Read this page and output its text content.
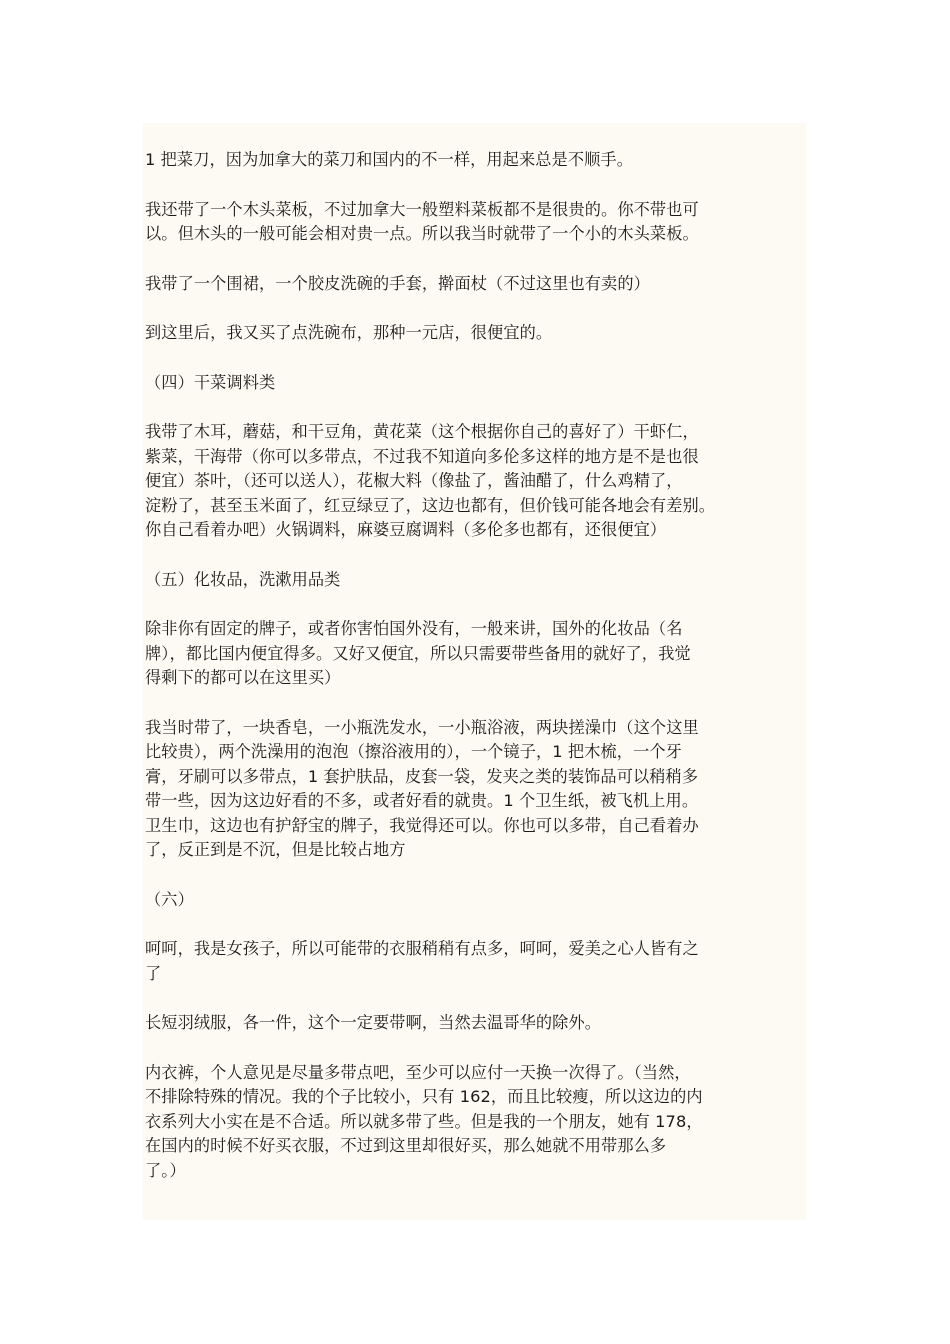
1 把菜刀，因为加拿大的菜刀和国内的不一样，用起来总是不顺手。
我还带了一个木头菜板，不过加拿大一般塑料菜板都不是很贵的。你不带也可
以。但木头的一般可能会相对贵一点。所以我当时就带了一个小的木头菜板。
我带了一个围裙，一个胶皮洗碗的手套，擀面杖（不过这里也有卖的）
到这里后，我又买了点洗碗布，那种一元店，很便宜的。
（四）干菜调料类
我带了木耳，蘑菇，和干豆角，黄花菜（这个根据你自己的喜好了）干虾仁，
紫菜，干海带（你可以多带点，不过我不知道向多伦多这样的地方是不是也很
便宜）茶叶，（还可以送人），花椒大料（像盐了，酱油醋了，什么鸡精了，
淀粉了，甚至玉米面了，红豆绿豆了，这边也都有，但价钱可能各地会有差别。
你自己看着办吧）火锅调料，麻婆豆腐调料（多伦多也都有，还很便宜）
（五）化妆品，洗漱用品类
除非你有固定的牌子，或者你害怕国外没有，一般来讲，国外的化妆品（名
牌），都比国内便宜得多。又好又便宜，所以只需要带些备用的就好了，我觉
得剩下的都可以在这里买）
我当时带了，一块香皂，一小瓶洗发水，一小瓶浴液，两块搓澡巾（这个这里
比较贵），两个洗澡用的泡泡（擦浴液用的），一个镜子，1 把木梳，一个牙
膏，牙刷可以多带点，1 套护肤品，皮套一袋，发夹之类的装饰品可以稍稍多
带一些，因为这边好看的不多，或者好看的就贵。1 个卫生纸，被飞机上用。
卫生巾，这边也有护舒宝的牌子，我觉得还可以。你也可以多带，自己看着办
了，反正到是不沉，但是比较占地方
（六）
呵呵，我是女孩子，所以可能带的衣服稍稍有点多，呵呵，爱美之心人皆有之
了
长短羽绒服，各一件，这个一定要带啊，当然去温哥华的除外。
内衣裤，个人意见是尽量多带点吧，至少可以应付一天换一次得了。（当然，
不排除特殊的情况。我的个子比较小，只有 162，而且比较瘦，所以这边的内
衣系列大小实在是不合适。所以就多带了些。但是我的一个朋友，她有 178，
在国内的时候不好买衣服，不过到这里却很好买，那么她就不用带那么多
了。）
